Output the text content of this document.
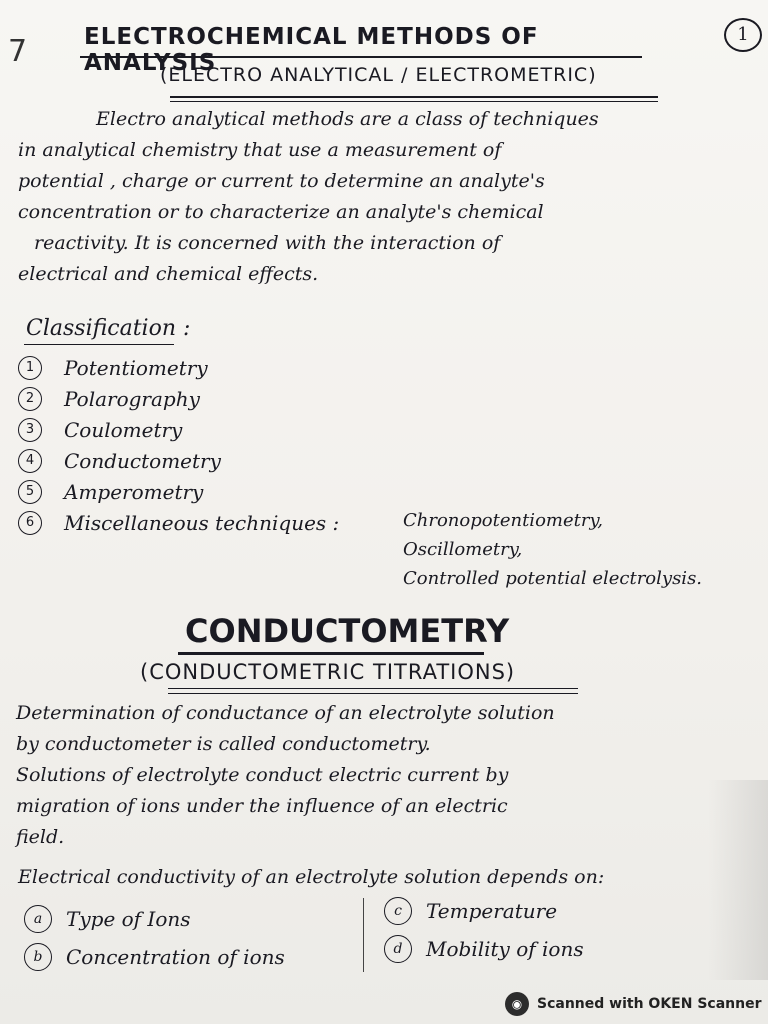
7	1
ELECTROCHEMICAL METHODS OF ANALYSIS
(ELECTRO ANALYTICAL / ELECTROMETRIC)
Electro analytical methods are a class of techniques
in analytical chemistry that use a measurement of
potential , charge or current to determine an analyte's
concentration or to characterize an analyte's chemical
reactivity. It is concerned with the interaction of
electrical and chemical effects.
Classification :
1	Potentiometry
2	Polarography
3	Coulometry
4	Conductometry
5	Amperometry
6	Miscellaneous techniques :	Chronopotentiometry,
Oscillometry,
Controlled potential electrolysis.
CONDUCTOMETRY
(CONDUCTOMETRIC TITRATIONS)
Determination of conductance of an electrolyte solution
by conductometer is called conductometry.
Solutions of electrolyte conduct electric current by
migration of ions under the influence of an electric
field.
Electrical conductivity of an electrolyte solution depends on:
a	Type of Ions
b	Concentration of ions
c	Temperature
d	Mobility of ions
◉	Scanned with OKEN Scanner
